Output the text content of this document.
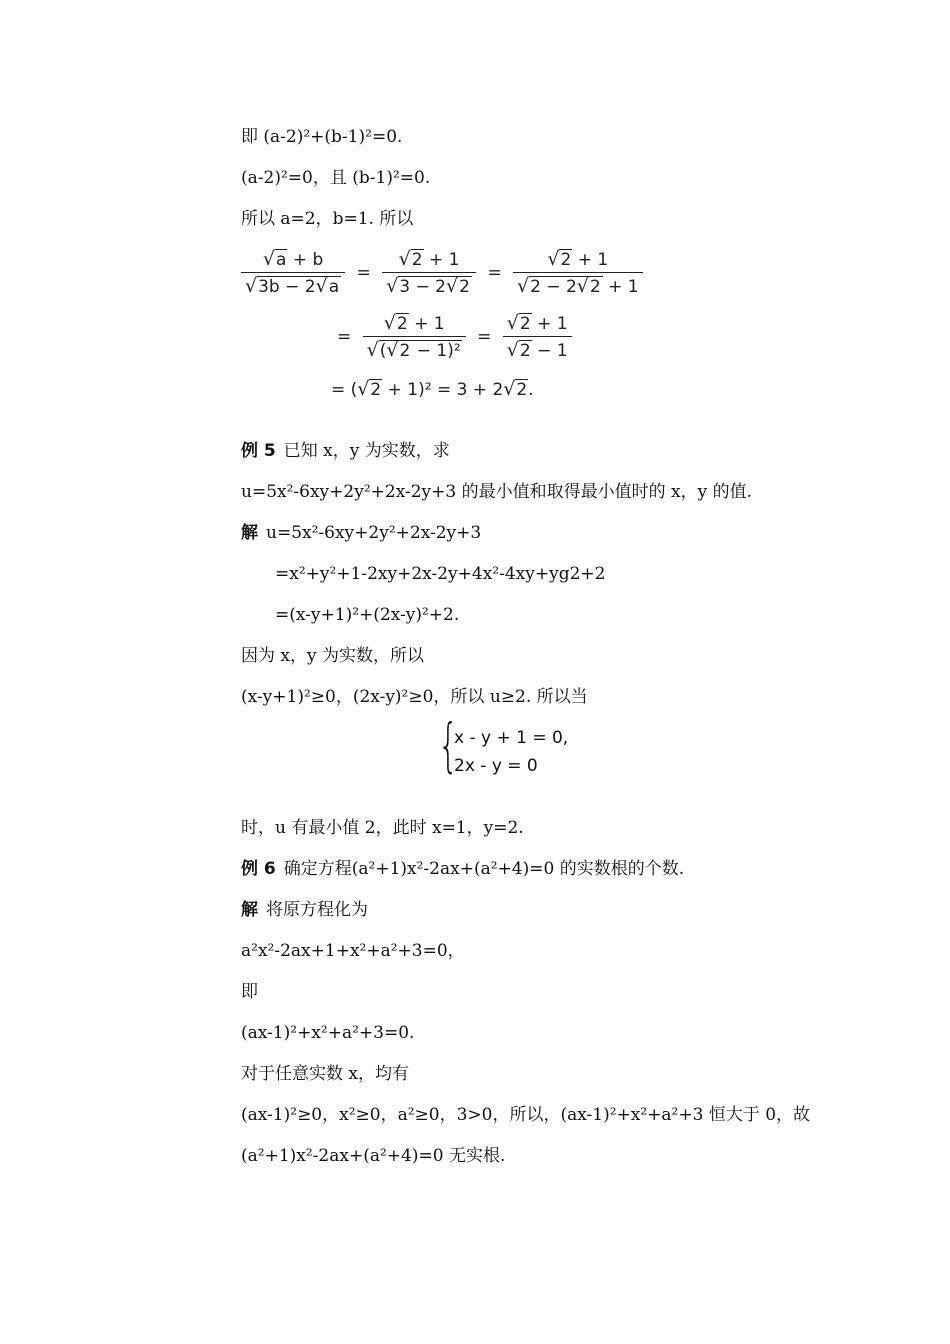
即 (a-2)²+(b-1)²=0.
(a-2)²=0，且 (b-1)²=0.
所以 a=2，b=1. 所以
$\frac{√a + b}{√3b - 2√a} = \frac{√2 + 1}{√3 - 2√2} = \frac{√2 + 1}{√2 - 2√2 + 1}$
= $\frac{√2 + 1}{\text{√(√2 − 1)²}} = \frac{√2 + 1}{√2 - 1}$
= (√2 + 1)² = 3 + 2√2.
例 5 已知 x，y 为实数，求
u=5x²-6xy+2y²+2x-2y+3 的最小值和取得最小值时的 x，y 的值.
解 u=5x²-6xy+2y²+2x-2y+3
=x²+y²+1-2xy+2x-2y+4x²-4xy+yg2+2
=(x-y+1)²+(2x-y)²+2.
因为 x，y 为实数，所以
(x-y+1)²≥0，(2x-y)²≥0，所以 u≥2. 所以当
{
x - y + 1 = 0,
2x - y = 0
时，u 有最小值 2，此时 x=1，y=2.
例 6 确定方程(a²+1)x²-2ax+(a²+4)=0 的实数根的个数.
解 将原方程化为
a²x²-2ax+1+x²+a²+3=0，
即
(ax-1)²+x²+a²+3=0.
对于任意实数 x，均有
(ax-1)²≥0，x²≥0，a²≥0，3>0，所以，(ax-1)²+x²+a²+3 恒大于 0，故
(a²+1)x²-2ax+(a²+4)=0 无实根.
